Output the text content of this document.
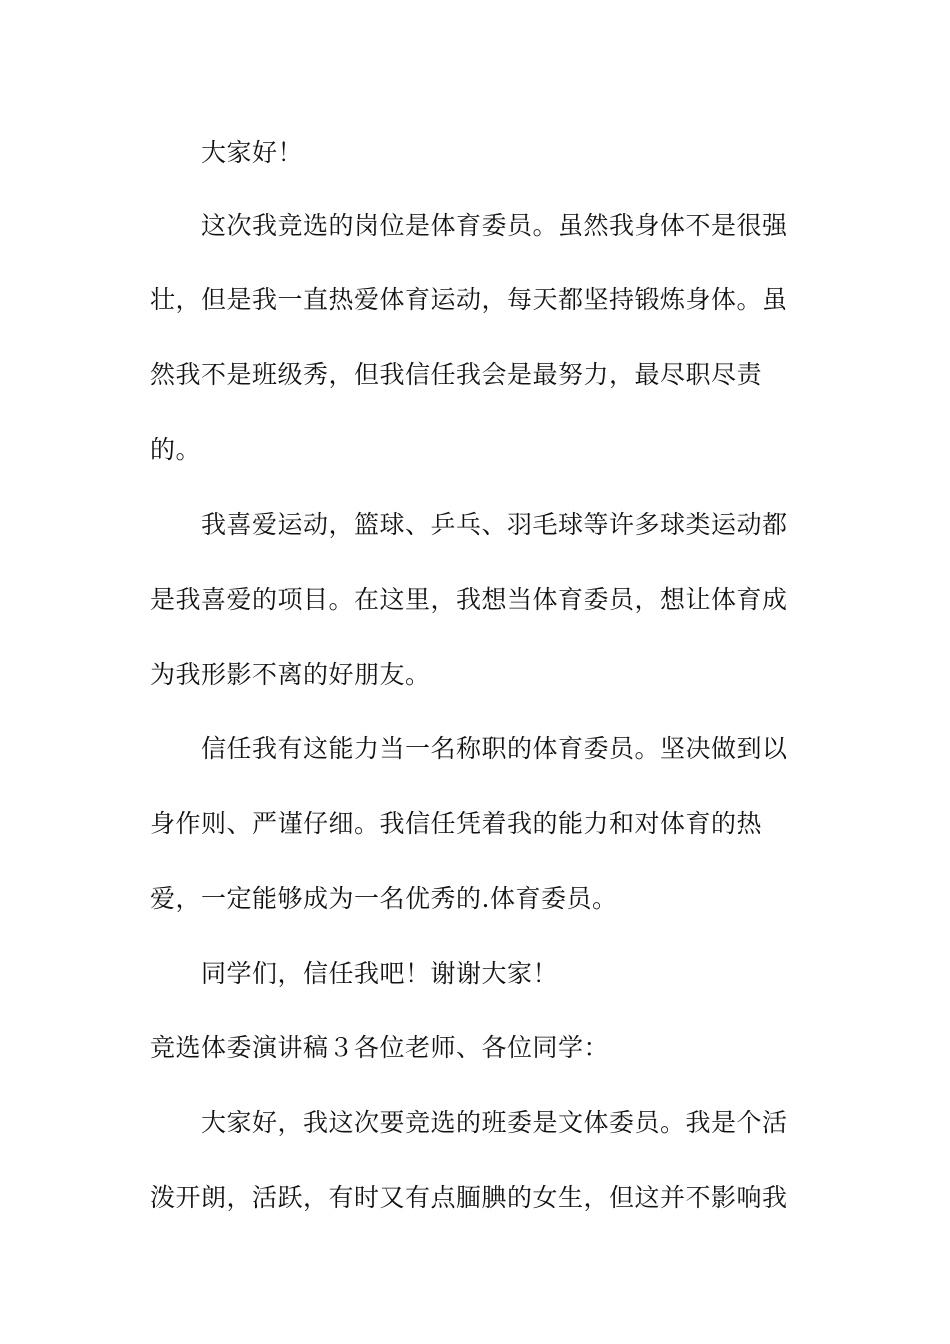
大家好！
这次我竞选的岗位是体育委员。虽然我身体不是很强
壮，但是我一直热爱体育运动，每天都坚持锻炼身体。虽
然我不是班级秀，但我信任我会是最努力，最尽职尽责
的。
我喜爱运动，篮球、乒乓、羽毛球等许多球类运动都
是我喜爱的项目。在这里，我想当体育委员，想让体育成
为我形影不离的好朋友。
信任我有这能力当一名称职的体育委员。坚决做到以
身作则、严谨仔细。我信任凭着我的能力和对体育的热
爱，一定能够成为一名优秀的.体育委员。
同学们，信任我吧！谢谢大家！
竞选体委演讲稿３各位老师、各位同学：
大家好，我这次要竞选的班委是文体委员。我是个活
泼开朗，活跃，有时又有点腼腆的女生，但这并不影响我
